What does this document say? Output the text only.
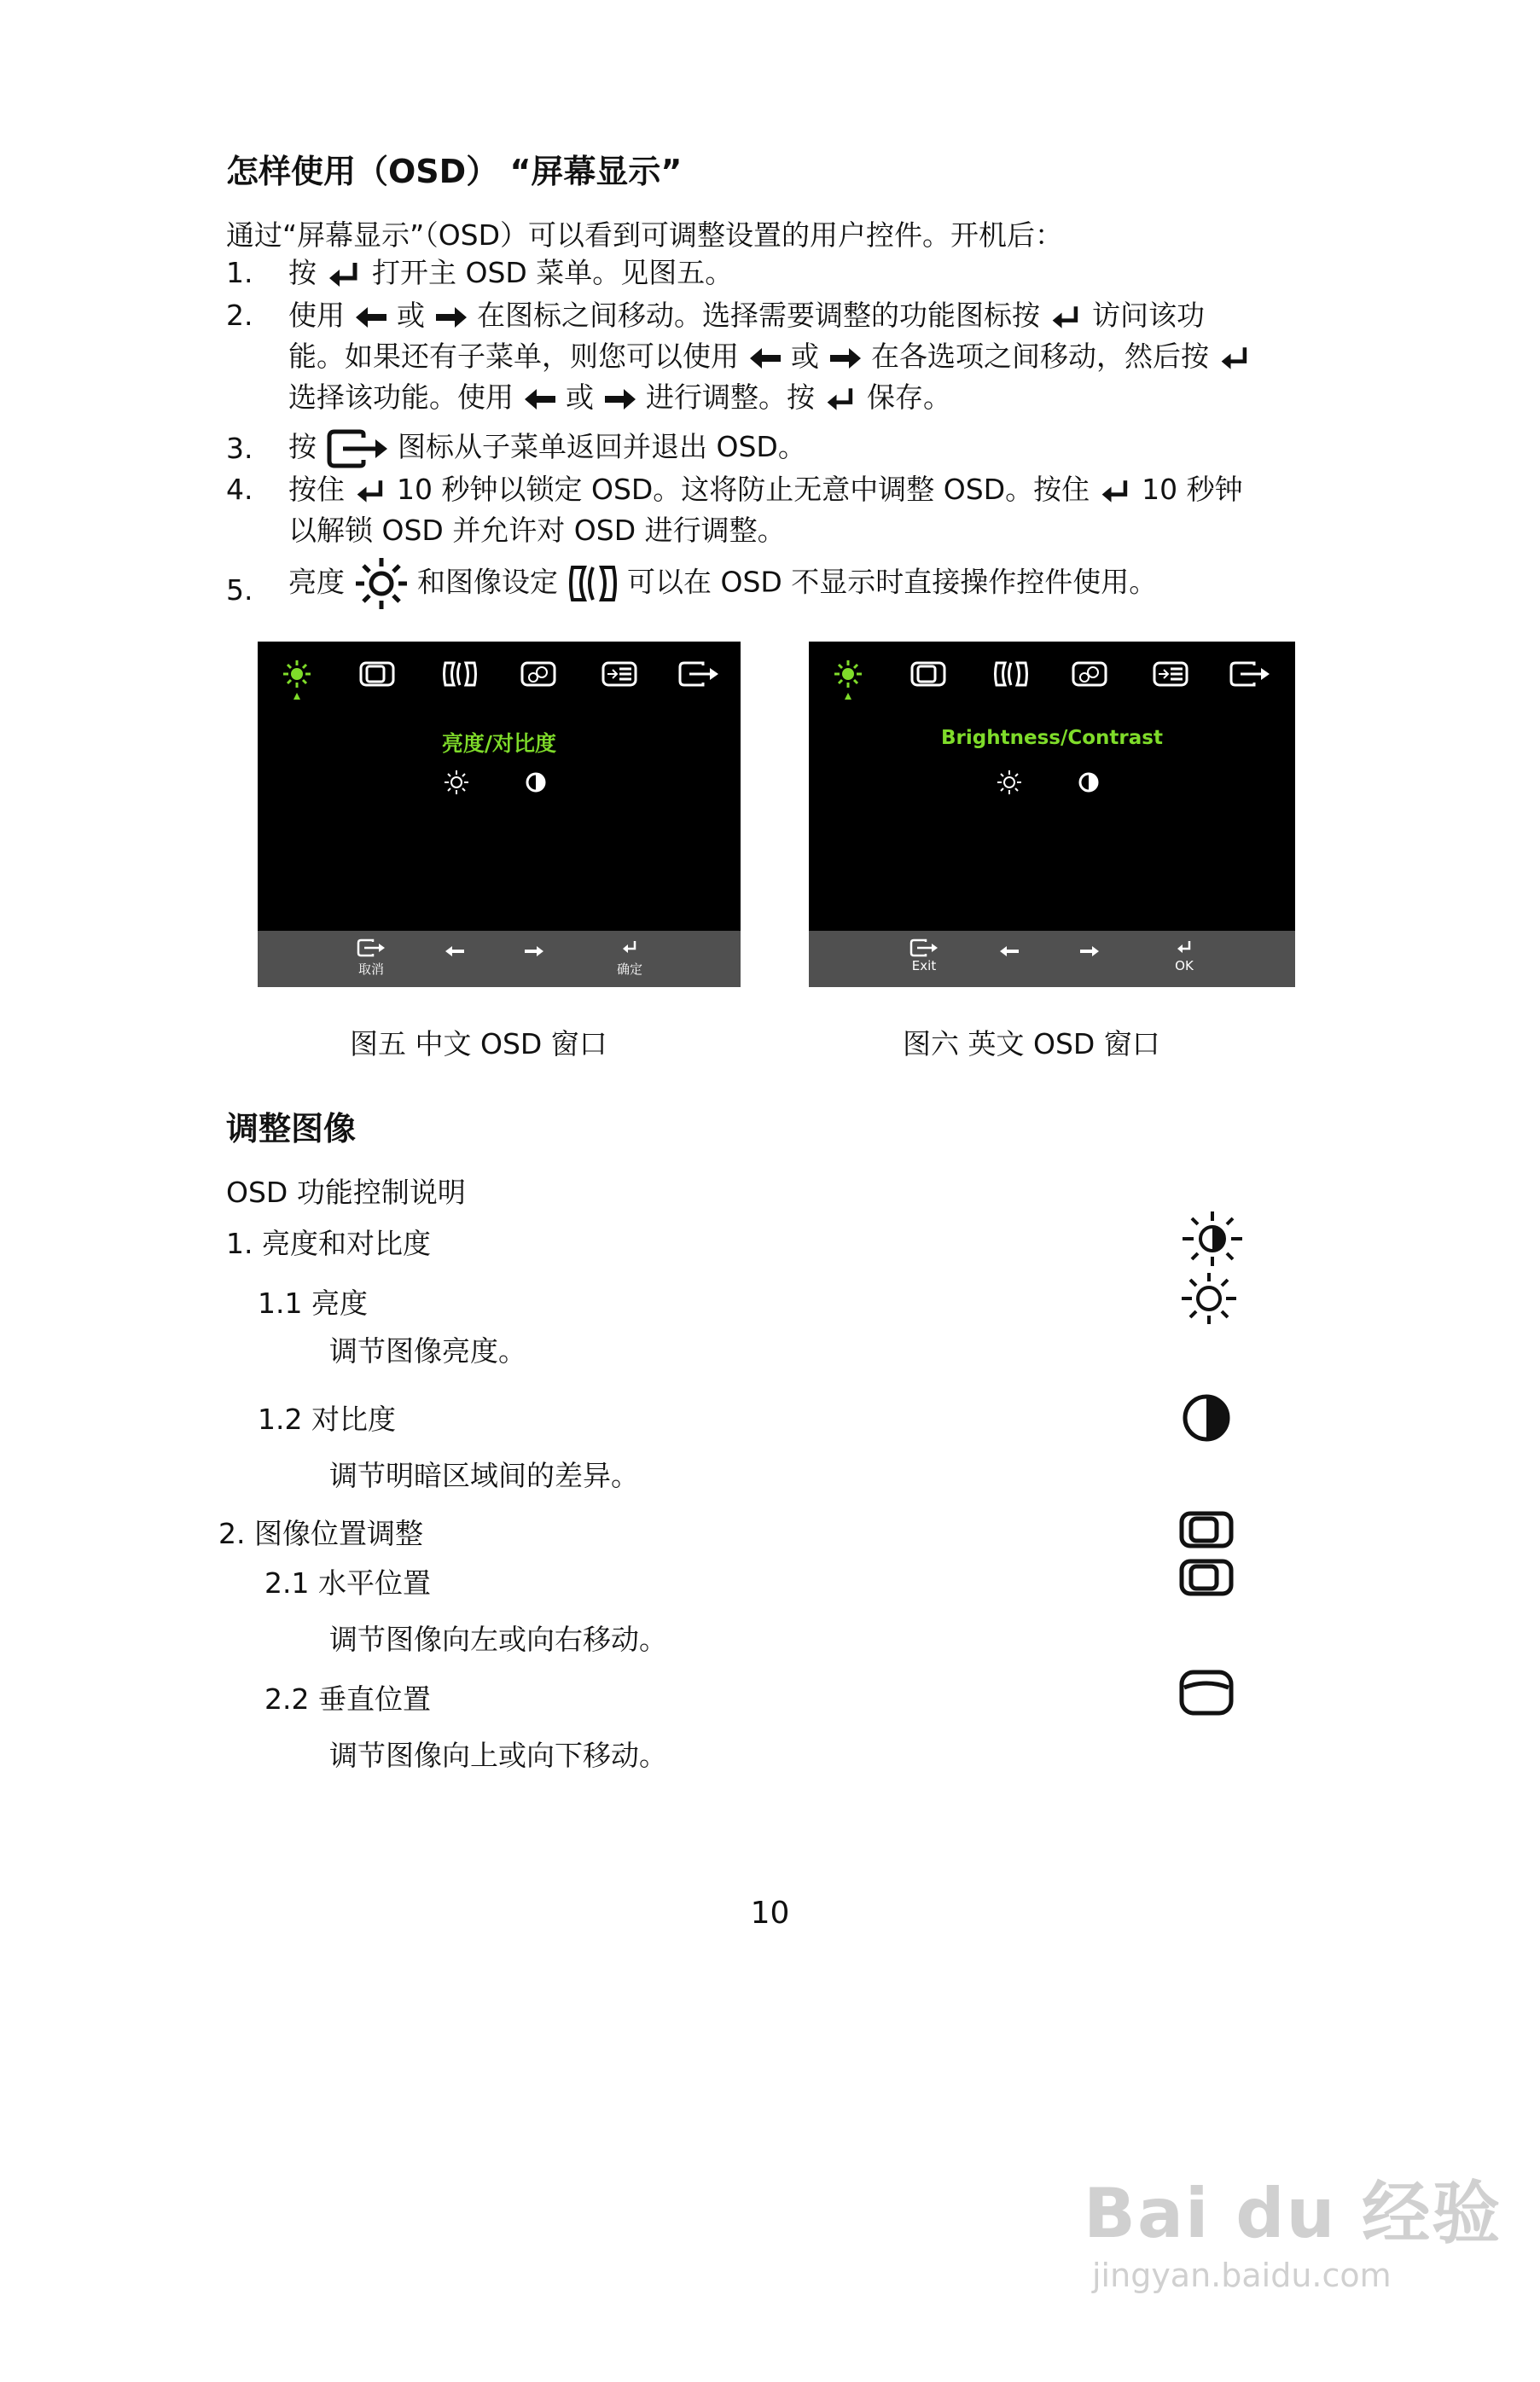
怎样使用（OSD） “屏幕显示”
通过“屏幕显示”（OSD）可以看到可调整设置的用户控件。开机后：
1. 按 打开主 OSD 菜单。见图五。
2. 使用 或 在图标之间移动。选择需要调整的功能图标按 访问该功
能。如果还有子菜单，则您可以使用 或 在各选项之间移动，然后按
选择该功能。使用 或 进行调整。按 保存。
3. 按	图标从子菜单返回并退出 OSD。
4. 按住 10 秒钟以锁定 OSD。这将防止无意中调整 OSD。按住 10 秒钟
以解锁 OSD 并允许对 OSD 进行调整。
5. 亮度	和图像设定 可以在 OSD 不显示时直接操作控件使用。
亮度/对比度
取消	确定
Brightness/Contrast
Exit	OK
图五 中文 OSD 窗口	图六 英文 OSD 窗口
调整图像
OSD 功能控制说明
1. 亮度和对比度
1.1 亮度
调节图像亮度。
1.2 对比度
调节明暗区域间的差异。
2. 图像位置调整
2.1 水平位置
调节图像向左或向右移动。
2.2 垂直位置
调节图像向上或向下移动。
10
Bai du 经验
jingyan.baidu.com
